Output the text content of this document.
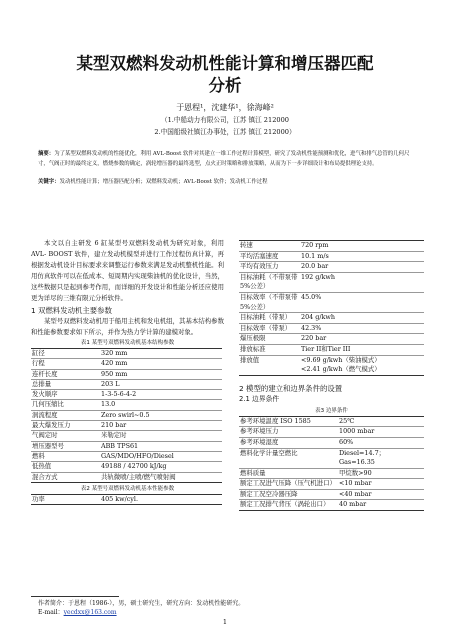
某型双燃料发动机性能计算和增压器匹配
分析
于恩程¹，沈建华¹，徐海峰²
（1.中船动力有限公司，江苏 镇江 212000
2.中国船级社镇江办事处，江苏 镇江 212000）
摘要：为了某型双燃料发动机的性能优化，利用 AVL-Boost 软件对其建立一维工作过程计算模型，研究了发动机性能预测和优化，进气和排气总管的几何尺寸，气阀正时的最终定义，燃烧参数的确定，涡轮增压器的最终选型，点火正时策略和排放策略，从而为下一步详细设计和布局提供理论支持。
关键字：发动机性能计算；增压器匹配分析；双燃料发动机；AVL-Boost 软件；发动机工作过程

本文以自主研发 6 缸某型号双燃料发动机为研究对象，利用 AVL- BOOST 软件，建立发动机模型并进行工作过程仿真计算，再根据发动机设计目标要求来调整运行参数来满足发动机整机性能。利用仿真软件可以在低成本、短周期内实现柴油机的优化设计，当然，这些数据只是起到参考作用，而详细的开发设计和性能分析还应使用更为详尽的三维有限元分析软件。

1 双燃料发动机主要参数

某型号双燃料发动机用于船用主机和发电机组，其基本结构参数和性能参数要求如下所示，并作为热力学计算的建模对象。

表1 某型号双燃料发动机基本结构参数
缸径	320 mm
行程	420 mm
连杆长度	950 mm
总排量	203 L
发火顺序	1-3-5-6-4-2
几何压缩比	13.0
涡流程度	Zero swirl~0.5
最大爆发压力	210 bar
气阀定时	米勒定时
增压器型号	ABB TPS61
燃料	GAS/MDO/HFO/Diesel
低热值	49188 / 42700 kJ/kg
混合方式	共轨微喷/主喷/燃气喷射阀
表2 某型号双燃料发动机基本性能参数
功率	405 kw/cyl.
转速	720 rpm
平均活塞速度	10.1 m/s
平均有效压力	20.0 bar
目标油耗（不带泵带5%公差）	192 g/kwh
目标效率（不带泵带5%公差）	45.0%
目标油耗（带泵）	204 g/kwh
目标效率（带泵）	42.3%
爆压极限	220 bar
排放标准	Tier II和Tier III
排放值	<9.69 g/kwh（柴油模式）
<2.41 g/kwh（燃气模式）
2 模型的建立和边界条件的设置
2.1 边界条件
表3 边界条件
参考环境温度 ISO 1585	25℃
参考环境压力	1000 mbar
参考环境湿度	60%
燃料化学计量空燃比	Diesel=14.7；
Gas=16.35
燃料质量	甲烷数>90
额定工况进气压降（压气机进口）	<10 mbar
额定工况空冷器压降	<40 mbar
额定工况排气背压（涡轮出口）	40 mbar
作者简介：于恩程（1986-），男，硕士研究生，研究方向：发动机性能研究。
E-mail：yecdxx@163.com
1
